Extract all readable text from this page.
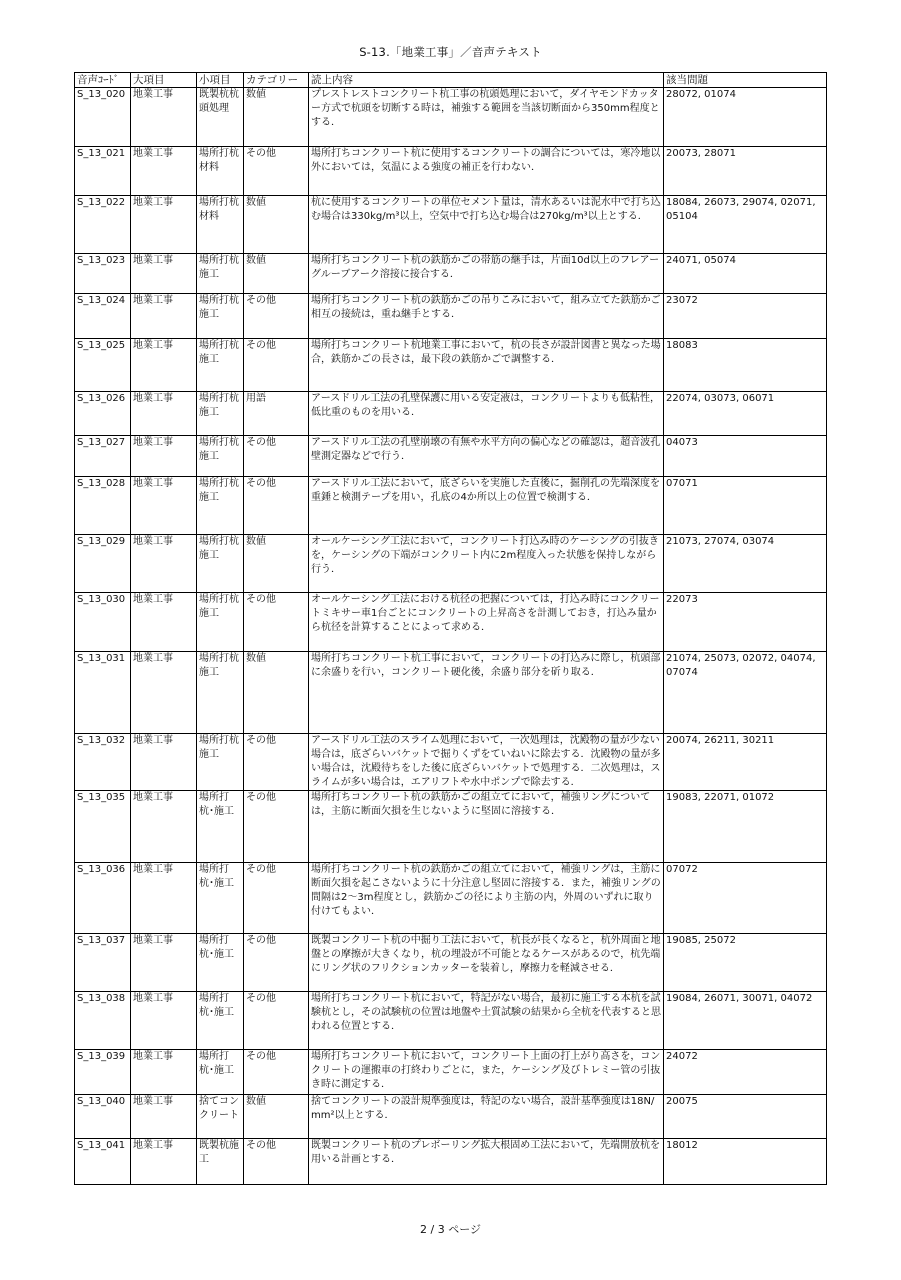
S-13.「地業工事」／音声テキスト
音声ｺｰﾄﾞ	大項目	小項目	カテゴリー	読上内容	該当問題
S_13_020	地業工事	既製杭杭頭処理	数値	プレストレストコンクリート杭工事の杭頭処理において，ダイヤモンドカッター方式で杭頭を切断する時は，補強する範囲を当該切断面から350mm程度とする．	28072, 01074
S_13_021	地業工事	場所打杭材料	その他	場所打ちコンクリート杭に使用するコンクリートの調合については，寒冷地以外においては，気温による強度の補正を行わない．	20073, 28071
S_13_022	地業工事	場所打杭材料	数値	杭に使用するコンクリートの単位セメント量は，清水あるいは泥水中で打ち込む場合は330kg/m³以上，空気中で打ち込む場合は270kg/m³以上とする．	18084, 26073, 29074, 02071, 05104
S_13_023	地業工事	場所打杭施工	数値	場所打ちコンクリート杭の鉄筋かごの帯筋の継手は，片面10d以上のフレアーグルーブアーク溶接に接合する．	24071, 05074
S_13_024	地業工事	場所打杭施工	その他	場所打ちコンクリート杭の鉄筋かごの吊りこみにおいて，組み立てた鉄筋かご相互の接続は，重ね継手とする．	23072
S_13_025	地業工事	場所打杭施工	その他	場所打ちコンクリート杭地業工事において，杭の長さが設計図書と異なった場合，鉄筋かごの長さは，最下段の鉄筋かごで調整する．	18083
S_13_026	地業工事	場所打杭施工	用語	アースドリル工法の孔壁保護に用いる安定液は，コンクリートよりも低粘性，低比重のものを用いる．	22074, 03073, 06071
S_13_027	地業工事	場所打杭施工	その他	アースドリル工法の孔壁崩壊の有無や水平方向の偏心などの確認は，超音波孔壁測定器などで行う．	04073
S_13_028	地業工事	場所打杭施工	その他	アースドリル工法において，底ざらいを実施した直後に，掘削孔の先端深度を重錘と検測テープを用い，孔底の4か所以上の位置で検測する．	07071
S_13_029	地業工事	場所打杭施工	数値	オールケーシング工法において，コンクリート打込み時のケーシングの引抜きを，ケーシングの下端がコンクリート内に2m程度入った状態を保持しながら行う．	21073, 27074, 03074
S_13_030	地業工事	場所打杭施工	その他	オールケーシング工法における杭径の把握については，打込み時にコンクリートミキサー車1台ごとにコンクリートの上昇高さを計測しておき，打込み量から杭径を計算することによって求める．	22073
S_13_031	地業工事	場所打杭施工	数値	場所打ちコンクリート杭工事において，コンクリートの打込みに際し，杭頭部に余盛りを行い，コンクリート硬化後，余盛り部分を斫り取る．	21074, 25073, 02072, 04074, 07074
S_13_032	地業工事	場所打杭施工	その他	アースドリル工法のスライム処理において，一次処理は，沈殿物の量が少ない場合は，底ざらいバケットで掘りくずをていねいに除去する．沈殿物の量が多い場合は，沈殿待ちをした後に底ざらいバケットで処理する．二次処理は，スライムが多い場合は，エアリフトや水中ポンプで除去する．	20074, 26211, 30211
S_13_035	地業工事	場所打杭･施工	その他	場所打ちコンクリート杭の鉄筋かごの組立てにおいて，補強リングについては，主筋に断面欠損を生じないように堅固に溶接する．	19083, 22071, 01072
S_13_036	地業工事	場所打杭･施工	その他	場所打ちコンクリート杭の鉄筋かごの組立てにおいて，補強リングは，主筋に断面欠損を起こさないように十分注意し堅固に溶接する．また，補強リングの間隔は2～3m程度とし，鉄筋かごの径により主筋の内，外周のいずれに取り付けてもよい．	07072
S_13_037	地業工事	場所打杭･施工	その他	既製コンクリート杭の中掘り工法において，杭長が長くなると，杭外周面と地盤との摩擦が大きくなり，杭の埋設が不可能となるケースがあるので，杭先端にリング状のフリクションカッターを装着し，摩擦力を軽減させる．	19085, 25072
S_13_038	地業工事	場所打杭･施工	その他	場所打ちコンクリート杭において，特記がない場合，最初に施工する本杭を試験杭とし，その試験杭の位置は地盤や土質試験の結果から全杭を代表すると思われる位置とする．	19084, 26071, 30071, 04072
S_13_039	地業工事	場所打杭･施工	その他	場所打ちコンクリート杭において，コンクリート上面の打上がり高さを，コンクリートの運搬車の打終わりごとに，また，ケーシング及びトレミー管の引抜き時に測定する．	24072
S_13_040	地業工事	捨てコンクリート	数値	捨てコンクリートの設計規準強度は，特記のない場合，設計基準強度は18N/mm²以上とする．	20075
S_13_041	地業工事	既製杭施工	その他	既製コンクリート杭のプレボーリング拡大根固め工法において，先端開放杭を用いる計画とする．	18012
2 / 3 ページ
